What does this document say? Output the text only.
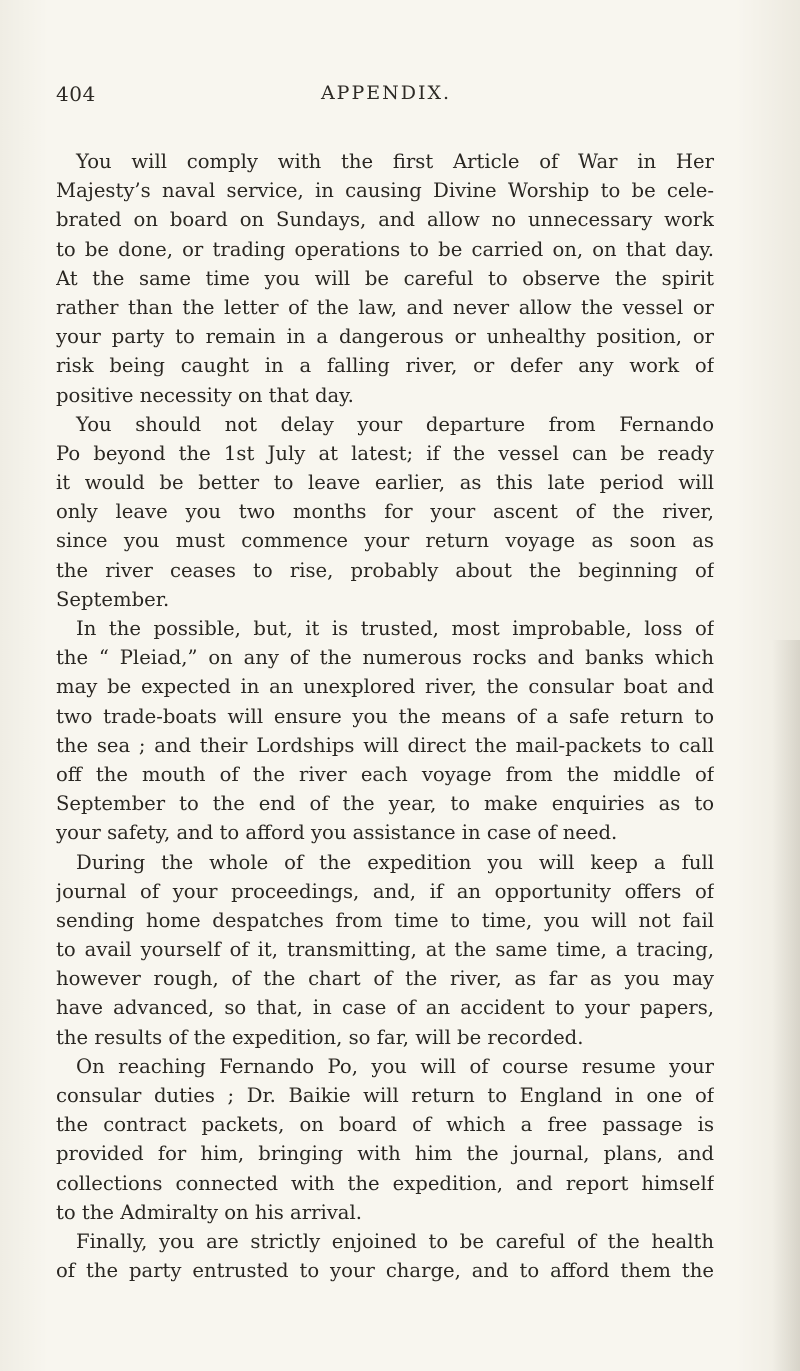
404	APPENDIX.
You will comply with the first Article of War in Her
Majesty’s naval service, in causing Divine Worship to be cele-
brated on board on Sundays, and allow no unnecessary work
to be done, or trading operations to be carried on, on that day.
At the same time you will be careful to observe the spirit
rather than the letter of the law, and never allow the vessel or
your party to remain in a dangerous or unhealthy position, or
risk being caught in a falling river, or defer any work of
positive necessity on that day.
You should not delay your departure from Fernando
Po beyond the 1st July at latest; if the vessel can be ready
it would be better to leave earlier, as this late period will
only leave you two months for your ascent of the river,
since you must commence your return voyage as soon as
the river ceases to rise, probably about the beginning of
September.
In the possible, but, it is trusted, most improbable, loss of
the “ Pleiad,” on any of the numerous rocks and banks which
may be expected in an unexplored river, the consular boat and
two trade-boats will ensure you the means of a safe return to
the sea ; and their Lordships will direct the mail-packets to call
off the mouth of the river each voyage from the middle of
September to the end of the year, to make enquiries as to
your safety, and to afford you assistance in case of need.
During the whole of the expedition you will keep a full
journal of your proceedings, and, if an opportunity offers of
sending home despatches from time to time, you will not fail
to avail yourself of it, transmitting, at the same time, a tracing,
however rough, of the chart of the river, as far as you may
have advanced, so that, in case of an accident to your papers,
the results of the expedition, so far, will be recorded.
On reaching Fernando Po, you will of course resume your
consular duties ; Dr. Baikie will return to England in one of
the contract packets, on board of which a free passage is
provided for him, bringing with him the journal, plans, and
collections connected with the expedition, and report himself
to the Admiralty on his arrival.
Finally, you are strictly enjoined to be careful of the health
of the party entrusted to your charge, and to afford them the
